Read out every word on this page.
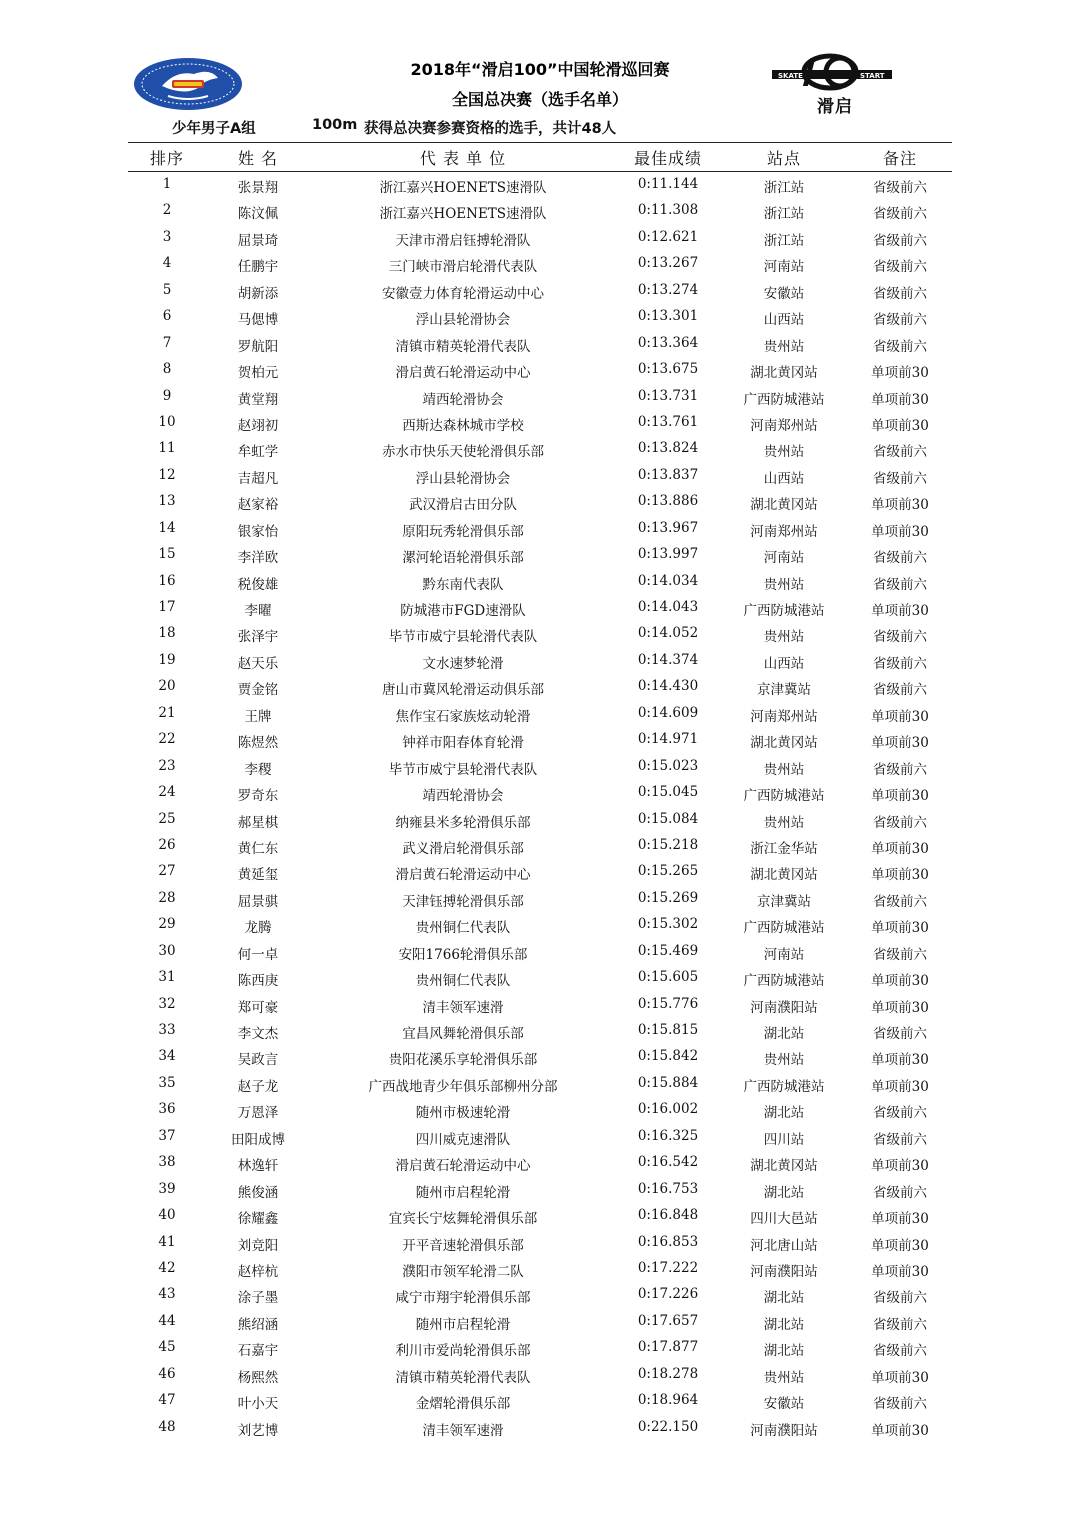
SKATE	START
滑启
2018年“滑启100”中国轮滑巡回赛
全国总决赛（选手名单）
少年男子A组	100m 获得总决赛参赛资格的选手，共计48人
排序	姓 名	代 表 单 位	最佳成绩	站点	备注
1	张景翔	浙江嘉兴HOENETS速滑队	0:11.144	浙江站	省级前六
2	陈汶佩	浙江嘉兴HOENETS速滑队	0:11.308	浙江站	省级前六
3	屈景琦	天津市滑启钰搏轮滑队	0:12.621	浙江站	省级前六
4	任鹏宇	三门峡市滑启轮滑代表队	0:13.267	河南站	省级前六
5	胡新添	安徽壹力体育轮滑运动中心	0:13.274	安徽站	省级前六
6	马偲博	浮山县轮滑协会	0:13.301	山西站	省级前六
7	罗航阳	清镇市精英轮滑代表队	0:13.364	贵州站	省级前六
8	贺柏元	滑启黄石轮滑运动中心	0:13.675	湖北黄冈站	单项前30
9	黄堂翔	靖西轮滑协会	0:13.731	广西防城港站	单项前30
10	赵翊初	西斯达森林城市学校	0:13.761	河南郑州站	单项前30
11	牟虹学	赤水市快乐天使轮滑俱乐部	0:13.824	贵州站	省级前六
12	吉超凡	浮山县轮滑协会	0:13.837	山西站	省级前六
13	赵家裕	武汉滑启古田分队	0:13.886	湖北黄冈站	单项前30
14	银家怡	原阳玩秀轮滑俱乐部	0:13.967	河南郑州站	单项前30
15	李洋欧	漯河轮语轮滑俱乐部	0:13.997	河南站	省级前六
16	税俊雄	黔东南代表队	0:14.034	贵州站	省级前六
17	李曜	防城港市FGD速滑队	0:14.043	广西防城港站	单项前30
18	张泽宇	毕节市威宁县轮滑代表队	0:14.052	贵州站	省级前六
19	赵天乐	文水速梦轮滑	0:14.374	山西站	省级前六
20	贾金铭	唐山市冀风轮滑运动俱乐部	0:14.430	京津冀站	省级前六
21	王牌	焦作宝石家族炫动轮滑	0:14.609	河南郑州站	单项前30
22	陈煜然	钟祥市阳春体育轮滑	0:14.971	湖北黄冈站	单项前30
23	李稷	毕节市威宁县轮滑代表队	0:15.023	贵州站	省级前六
24	罗奇东	靖西轮滑协会	0:15.045	广西防城港站	单项前30
25	郝星棋	纳雍县米多轮滑俱乐部	0:15.084	贵州站	省级前六
26	黄仁东	武义滑启轮滑俱乐部	0:15.218	浙江金华站	单项前30
27	黄延玺	滑启黄石轮滑运动中心	0:15.265	湖北黄冈站	单项前30
28	屈景骐	天津钰搏轮滑俱乐部	0:15.269	京津冀站	省级前六
29	龙腾	贵州铜仁代表队	0:15.302	广西防城港站	单项前30
30	何一卓	安阳1766轮滑俱乐部	0:15.469	河南站	省级前六
31	陈西庚	贵州铜仁代表队	0:15.605	广西防城港站	单项前30
32	郑可豪	清丰领军速滑	0:15.776	河南濮阳站	单项前30
33	李文杰	宜昌风舞轮滑俱乐部	0:15.815	湖北站	省级前六
34	吴政言	贵阳花溪乐享轮滑俱乐部	0:15.842	贵州站	单项前30
35	赵子龙	广西战地青少年俱乐部柳州分部	0:15.884	广西防城港站	单项前30
36	万恩泽	随州市极速轮滑	0:16.002	湖北站	省级前六
37	田阳成博	四川威克速滑队	0:16.325	四川站	省级前六
38	林逸轩	滑启黄石轮滑运动中心	0:16.542	湖北黄冈站	单项前30
39	熊俊涵	随州市启程轮滑	0:16.753	湖北站	省级前六
40	徐耀鑫	宜宾长宁炫舞轮滑俱乐部	0:16.848	四川大邑站	单项前30
41	刘竞阳	开平音速轮滑俱乐部	0:16.853	河北唐山站	单项前30
42	赵梓杭	濮阳市领军轮滑二队	0:17.222	河南濮阳站	单项前30
43	涂子墨	咸宁市翔宇轮滑俱乐部	0:17.226	湖北站	省级前六
44	熊绍涵	随州市启程轮滑	0:17.657	湖北站	省级前六
45	石嘉宇	利川市爱尚轮滑俱乐部	0:17.877	湖北站	省级前六
46	杨熙然	清镇市精英轮滑代表队	0:18.278	贵州站	单项前30
47	叶小天	金熠轮滑俱乐部	0:18.964	安徽站	省级前六
48	刘艺博	清丰领军速滑	0:22.150	河南濮阳站	单项前30
